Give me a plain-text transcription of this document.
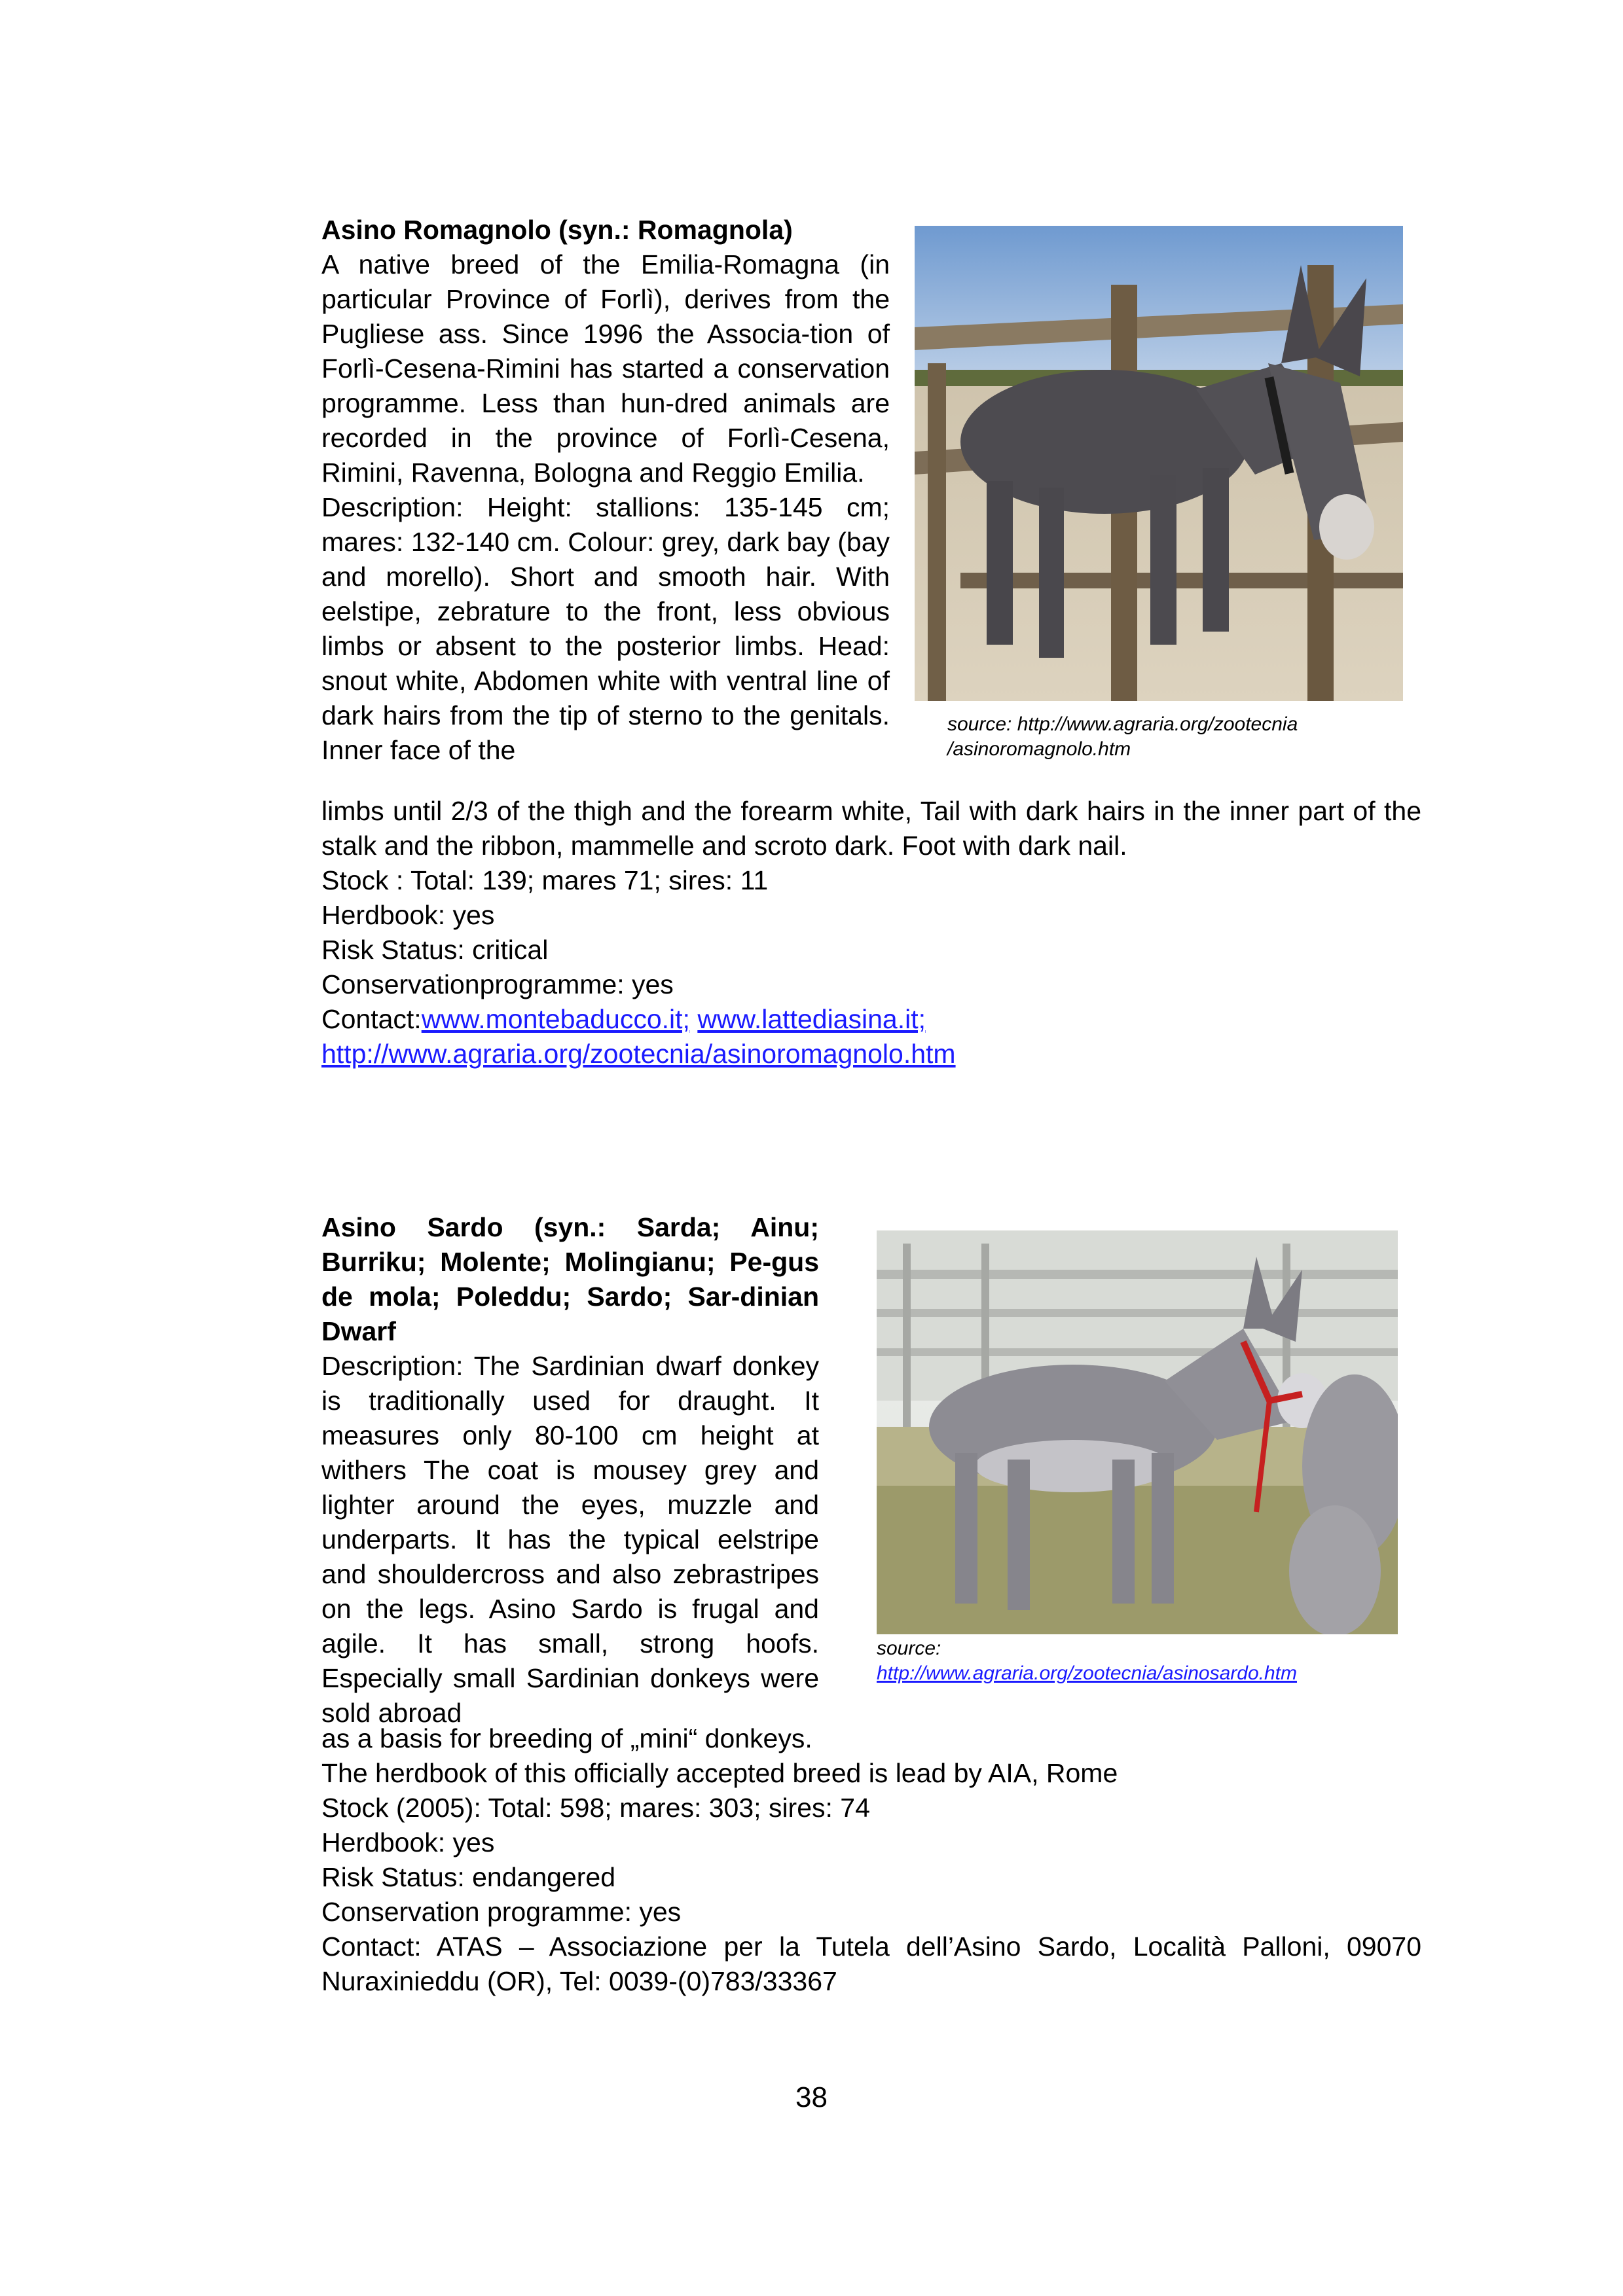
Asino Romagnolo (syn.: Romagnola)
A native breed of the Emilia-Romagna (in particular Province of Forlì), derives from the Pugliese ass. Since 1996 the Associa-tion of Forlì-Cesena-Rimini has started a conservation programme. Less than hun-dred animals are recorded in the province of Forlì-Cesena, Rimini, Ravenna, Bologna and Reggio Emilia.
Description: Height: stallions: 135-145 cm; mares: 132-140 cm. Colour: grey, dark bay (bay and morello). Short and smooth hair. With eelstipe, zebrature to the front, less obvious limbs or absent to the posterior limbs. Head: snout white, Abdomen white with ventral line of dark hairs from the tip of sterno to the genitals. Inner face of the
source: http://www.agraria.org/zootecnia
/asinoromagnolo.htm
limbs until 2/3 of the thigh and the forearm white, Tail with dark hairs in the inner part of the stalk and the ribbon, mammelle and scroto dark. Foot with dark nail.
Stock : Total: 139; mares 71; sires: 11
Herdbook: yes
Risk Status: critical
Conservationprogramme: yes
Contact:www.montebaducco.it; www.lattediasina.it;
http://www.agraria.org/zootecnia/asinoromagnolo.htm
Asino Sardo (syn.: Sarda; Ainu; Burriku; Molente; Molingianu; Pe-gus de mola; Poleddu; Sardo; Sar-dinian Dwarf
Description: The Sardinian dwarf donkey is traditionally used for draught. It measures only 80-100 cm height at withers The coat is mousey grey and lighter around the eyes, muzzle and underparts. It has the typical eelstripe and shouldercross and also zebrastripes on the legs. Asino Sardo is frugal and agile. It has small, strong hoofs. Especially small Sardinian donkeys were sold abroad
source:
http://www.agraria.org/zootecnia/asinosardo.htm
as a basis for breeding of „mini“ donkeys.
The herdbook of this officially accepted breed is lead by AIA, Rome
Stock (2005): Total: 598; mares: 303; sires: 74
Herdbook: yes
Risk Status: endangered
Conservation programme: yes
Contact: ATAS – Associazione per la Tutela dell’Asino Sardo, Località Palloni, 09070 Nuraxinieddu (OR), Tel: 0039-(0)783/33367
38
